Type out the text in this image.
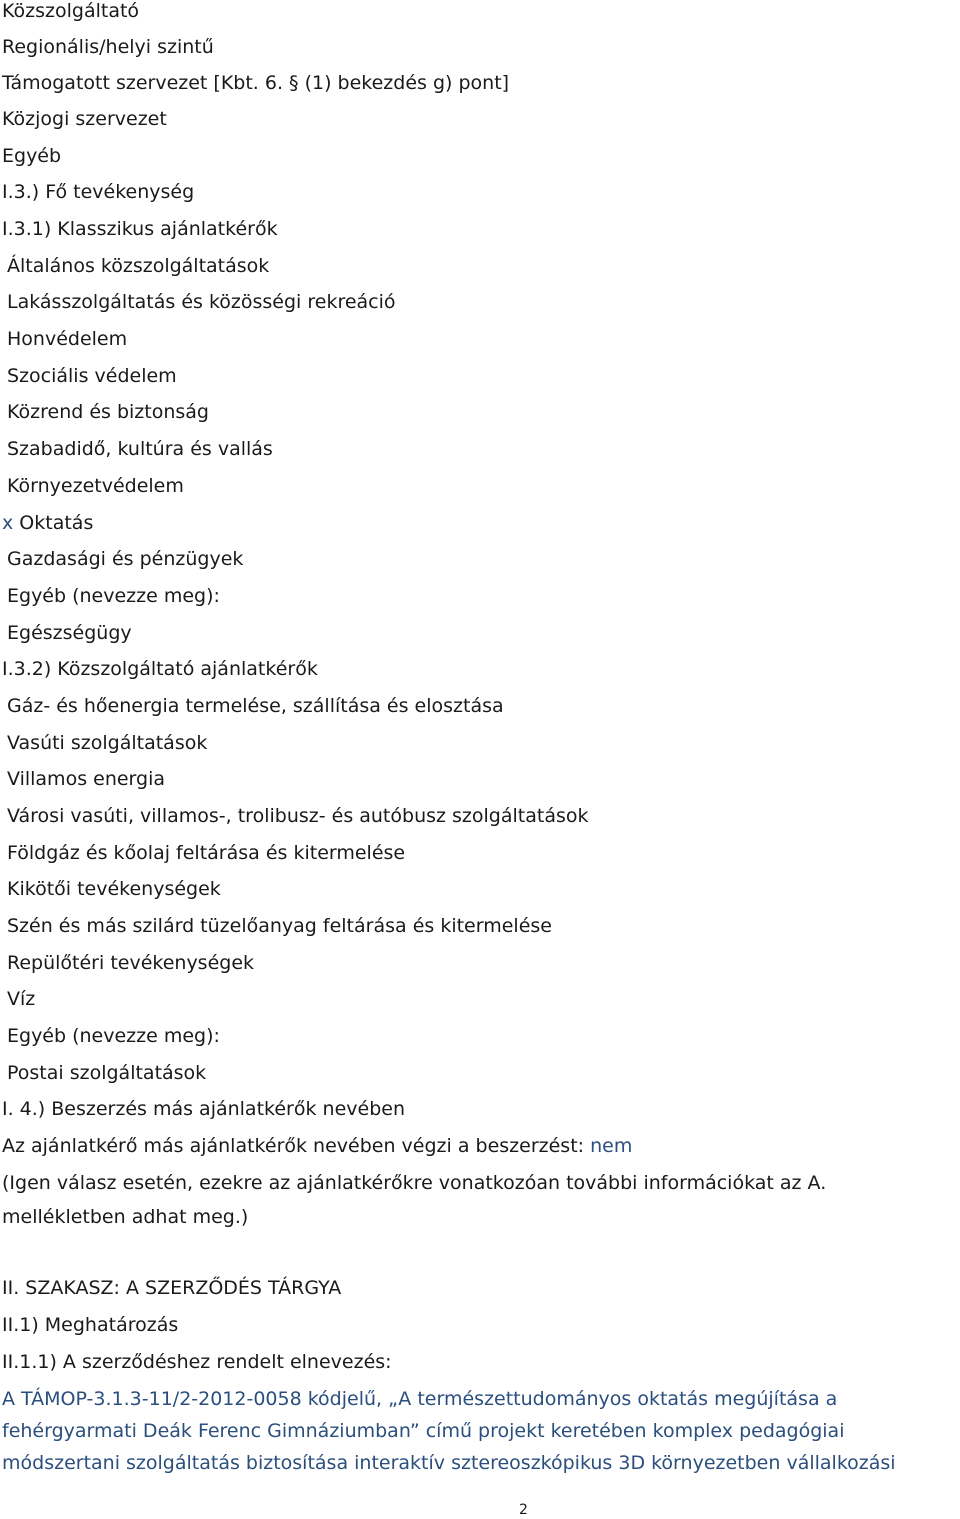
Közszolgáltató
Regionális/helyi szintű
Támogatott szervezet [Kbt. 6. § (1) bekezdés g) pont]
Közjogi szervezet
Egyéb
I.3.) Fő tevékenység
I.3.1) Klasszikus ajánlatkérők
Általános közszolgáltatások
Lakásszolgáltatás és közösségi rekreáció
Honvédelem
Szociális védelem
Közrend és biztonság
Szabadidő, kultúra és vallás
Környezetvédelem
x Oktatás
Gazdasági és pénzügyek
Egyéb (nevezze meg):
Egészségügy
I.3.2) Közszolgáltató ajánlatkérők
Gáz- és hőenergia termelése, szállítása és elosztása
Vasúti szolgáltatások
Villamos energia
Városi vasúti, villamos-, trolibusz- és autóbusz szolgáltatások
Földgáz és kőolaj feltárása és kitermelése
Kikötői tevékenységek
Szén és más szilárd tüzelőanyag feltárása és kitermelése
Repülőtéri tevékenységek
Víz
Egyéb (nevezze meg):
Postai szolgáltatások
I. 4.) Beszerzés más ajánlatkérők nevében
Az ajánlatkérő más ajánlatkérők nevében végzi a beszerzést: nem
(Igen válasz esetén, ezekre az ajánlatkérőkre vonatkozóan további információkat az A.
mellékletben adhat meg.)
II. SZAKASZ: A SZERZŐDÉS TÁRGYA
II.1) Meghatározás
II.1.1) A szerződéshez rendelt elnevezés:
A TÁMOP-3.1.3-11/2-2012-0058 kódjelű, „A természettudományos oktatás megújítása a
fehérgyarmati Deák Ferenc Gimnáziumban” című projekt keretében komplex pedagógiai
módszertani szolgáltatás biztosítása interaktív sztereoszkópikus 3D környezetben vállalkozási
2
